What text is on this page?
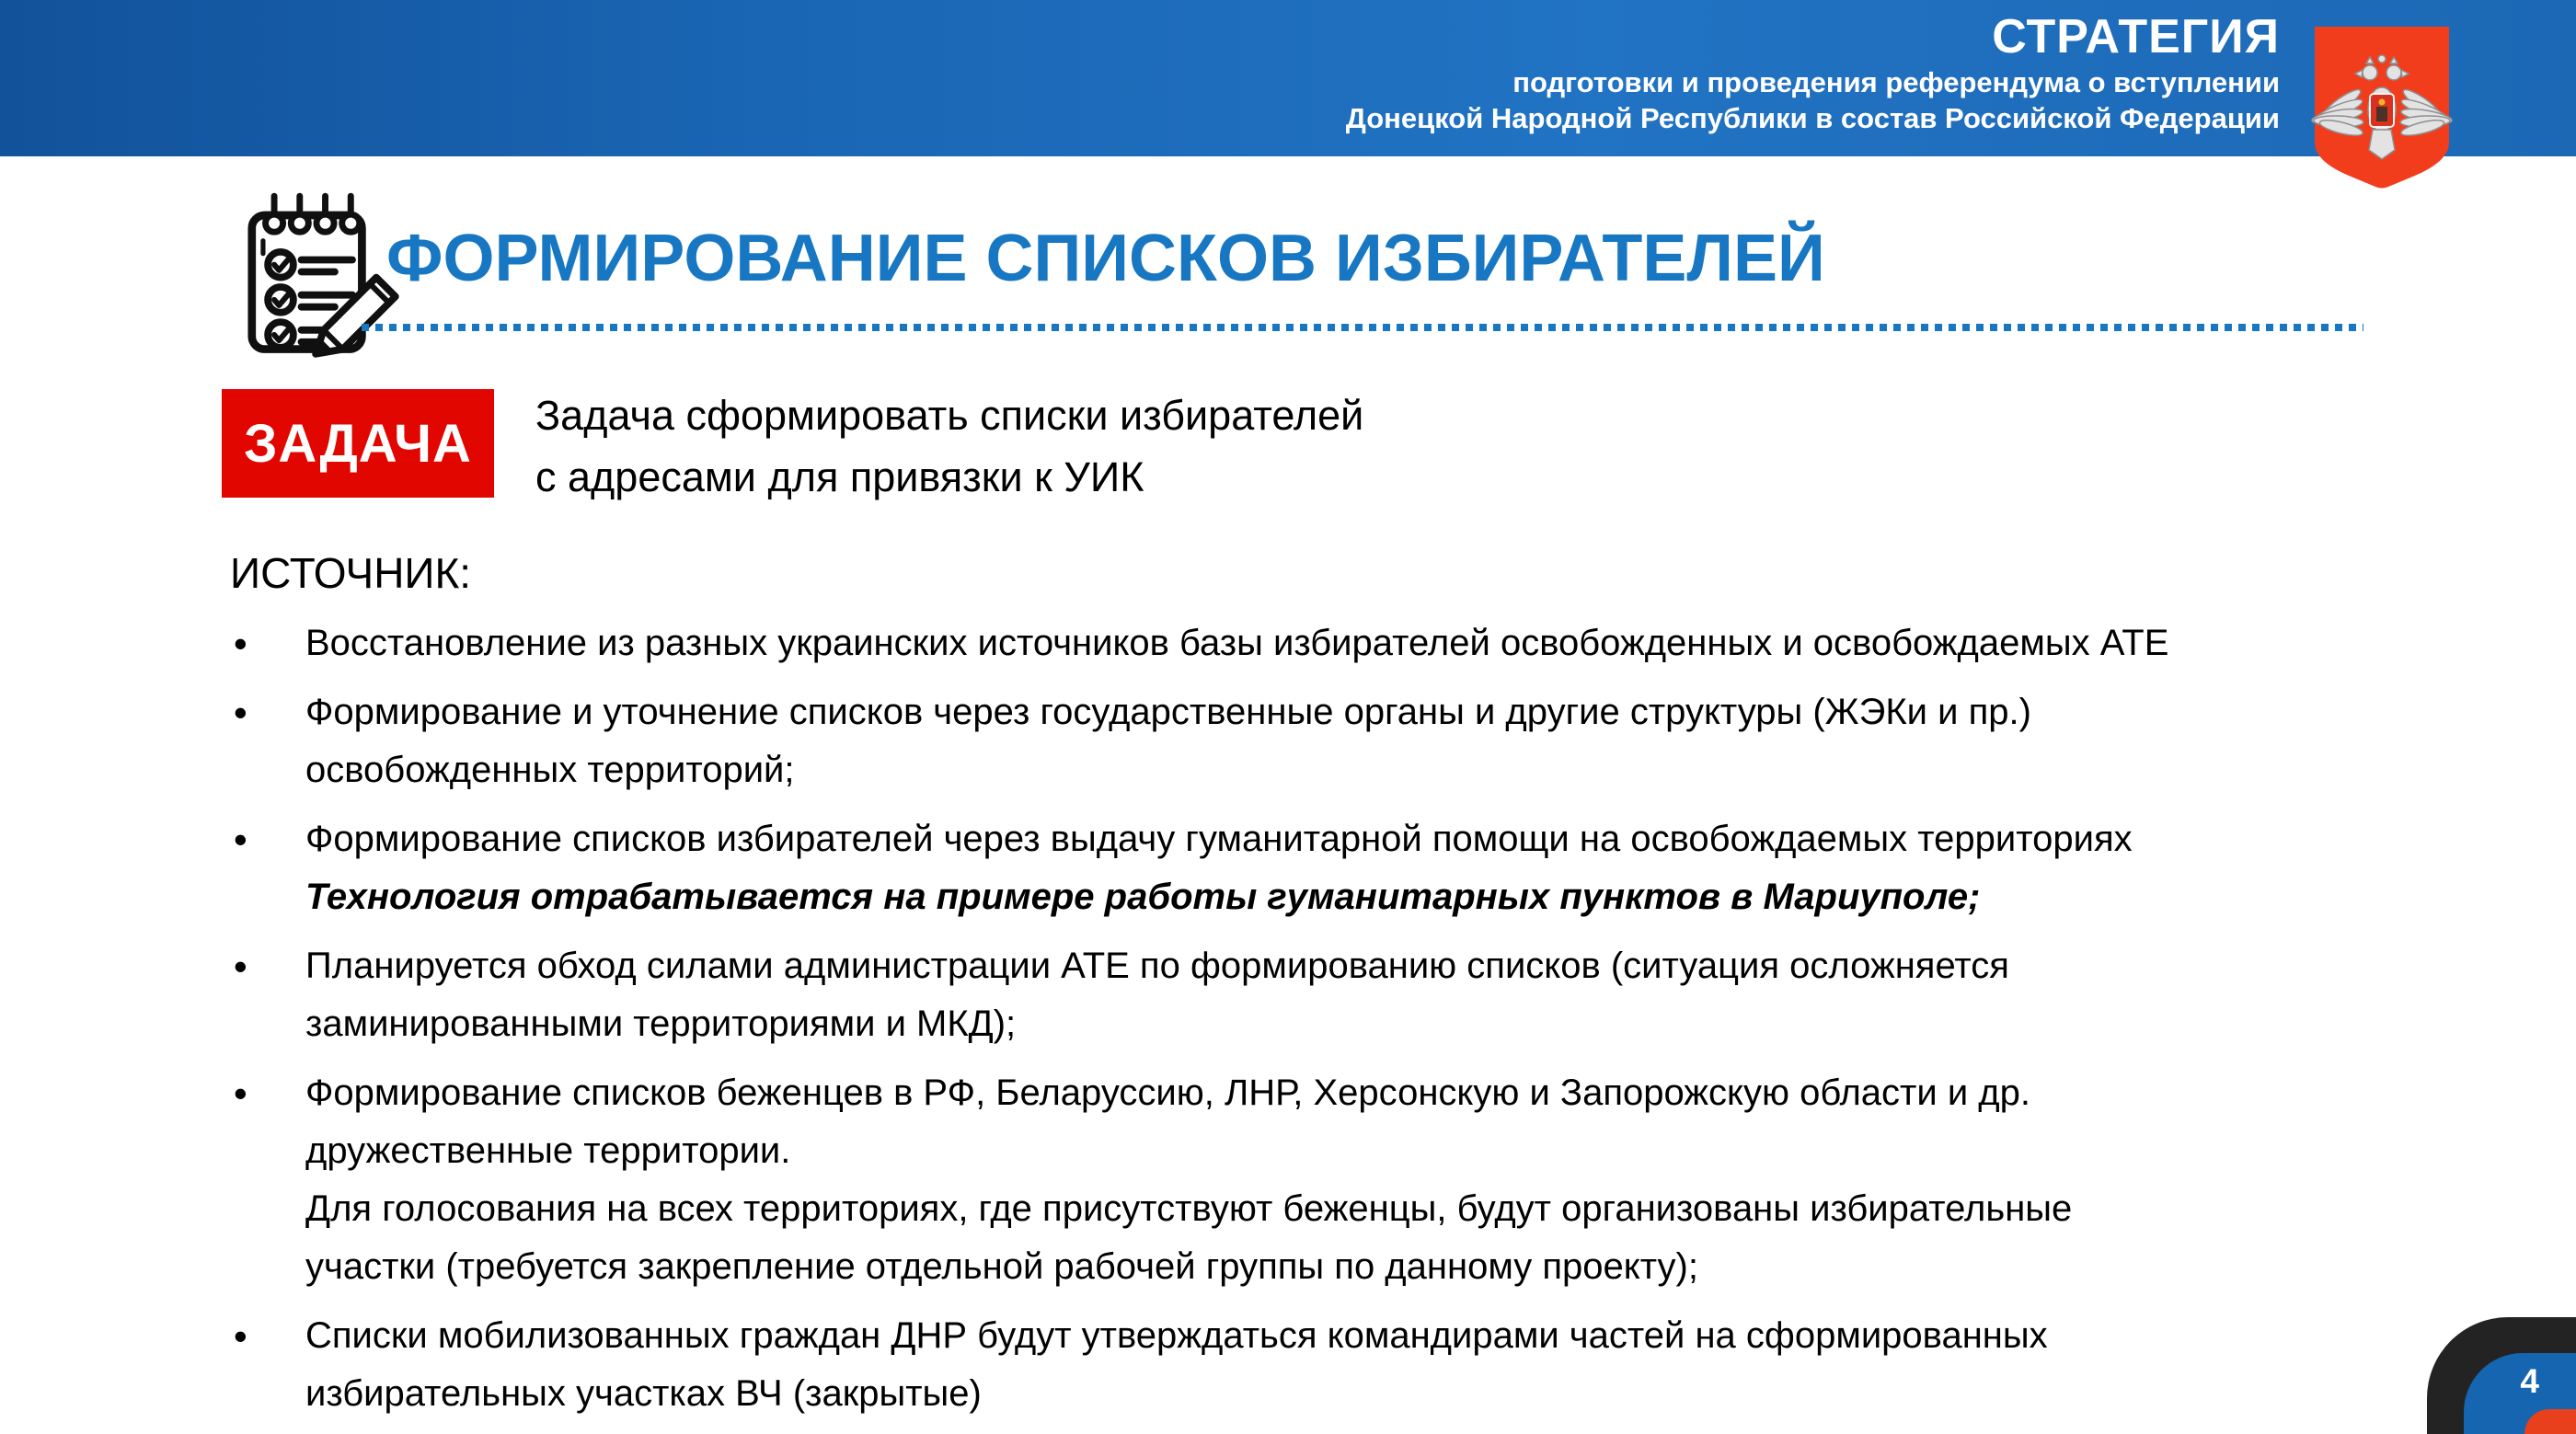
СТРАТЕГИЯ
подготовки и проведения референдума о вступлении
Донецкой Народной Республики в состав Российской Федерации
ФОРМИРОВАНИЕ СПИСКОВ ИЗБИРАТЕЛЕЙ
ЗАДАЧА	Задача сформировать списки избирателей
с адресами для привязки к УИК
ИСТОЧНИК:
•	Восстановление из разных украинских источников базы избирателей освобожденных и освобождаемых АТЕ
•	Формирование и уточнение списков через государственные органы и другие структуры (ЖЭКи и пр.)
освобожденных территорий;
•	Формирование списков избирателей через выдачу гуманитарной помощи на освобождаемых территориях
Технология отрабатывается на примере работы гуманитарных пунктов в Мариуполе;
•	Планируется обход силами администрации АТЕ по формированию списков (ситуация осложняется
заминированными территориями и МКД);
•	Формирование списков беженцев в РФ, Беларуссию, ЛНР, Херсонскую и Запорожскую области и др.
дружественные территории.
Для голосования на всех территориях, где присутствуют беженцы, будут организованы избирательные
участки (требуется закрепление отдельной рабочей группы по данному проекту);
•	Списки мобилизованных граждан ДНР будут утверждаться командирами частей на сформированных
избирательных участках ВЧ (закрытые)	4
